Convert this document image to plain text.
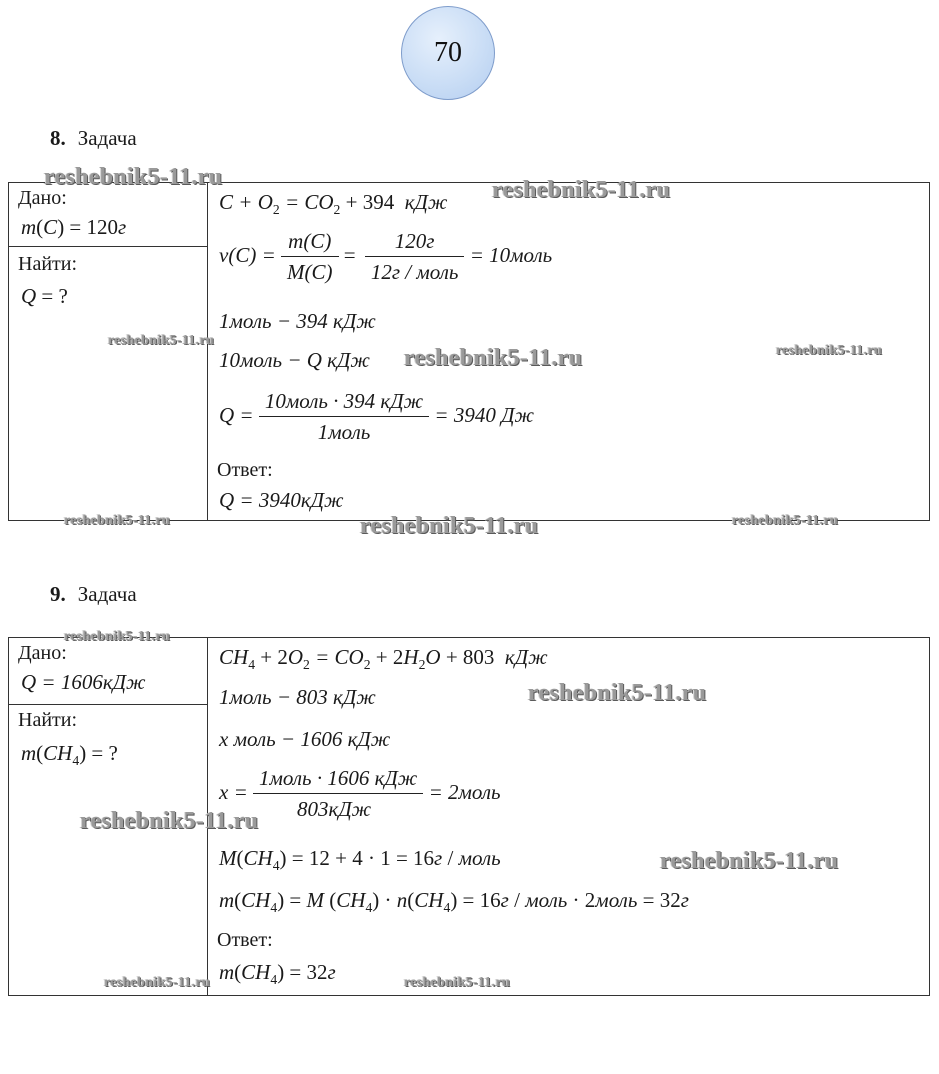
70
8. Задача
Дано:
m(C) = 120г
Найти:
Q = ?
$C + O_2 = CO_2 + 394$ кДж
$\nu(C) = \frac{m(C)}{M(C)} = \frac{120г}{\text{12г / моль}}$ = 10моль
1моль − 394 кДж
10моль − Q кДж
$Q = \frac{\text{10моль · 394 кДж}}{\text{1моль}} = 3940$ Дж
Ответ:
Q = 3940кДж
9. Задача
Дано:
Q = 1606кДж
Найти:
$m(CH_4)$ = ?
$CH_4 + 2O_2 = CO_2 + 2H_2O + 803$ кДж
1моль − 803 кДж
x моль − 1606 кДж
$x = \frac{\text{1моль · 1606 кДж}}{\text{803кДж}}$ = 2моль
$M(CH_4) = 12 + 4 \cdot 1 = 16г$ / моль
$m(CH_4) = M$ $(CH_4) \cdot n(CH_4) = 16г$ / моль · 2моль = 32г
Ответ:
$m(CH_4) = 32г$
reshebnik5-11.ru	reshebnik5-11.ru
reshebnik5-11.ru
reshebnik5-11.ru	reshebnik5-11.ru
reshebnik5-11.ru	reshebnik5-11.ru	reshebnik5-11.ru
reshebnik5-11.ru
reshebnik5-11.ru
reshebnik5-11.ru
reshebnik5-11.ru
reshebnik5-11.ru	reshebnik5-11.ru
